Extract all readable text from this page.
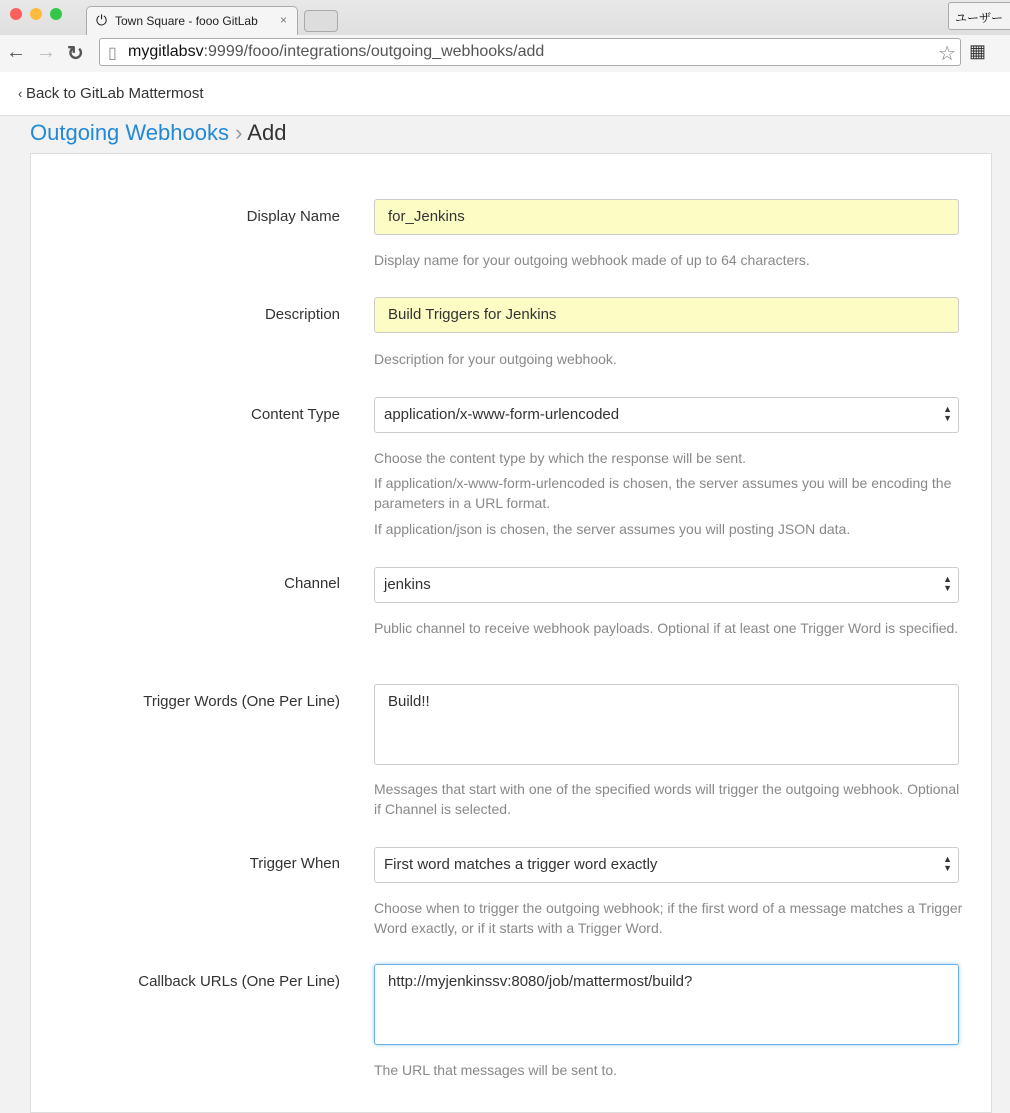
⏻ Town Square - fooo GitLab ×	ユーザー
← → ↻ ▯ mygitlabsv:9999/fooo/integrations/outgoing_webhooks/add	☆ ▦
‹ Back to GitLab Mattermost
Outgoing Webhooks › Add
Display Name	for_Jenkins
Display name for your outgoing webhook made of up to 64 characters.
Description	Build Triggers for Jenkins
Description for your outgoing webhook.
Content Type	application/x-www-form-urlencoded	▲
▼
Choose the content type by which the response will be sent.
If application/x-www-form-urlencoded is chosen, the server assumes you will be encoding the parameters in a URL format.
If application/json is chosen, the server assumes you will posting JSON data.
Channel	jenkins	▲
▼
Public channel to receive webhook payloads. Optional if at least one Trigger Word is specified.
Trigger Words (One Per Line)	Build!!
Messages that start with one of the specified words will trigger the outgoing webhook. Optional if Channel is selected.
Trigger When	First word matches a trigger word exactly	▲
▼
Choose when to trigger the outgoing webhook; if the first word of a message matches a Trigger Word exactly, or if it starts with a Trigger Word.
Callback URLs (One Per Line)	http://myjenkinssv:8080/job/mattermost/build?
The URL that messages will be sent to.
